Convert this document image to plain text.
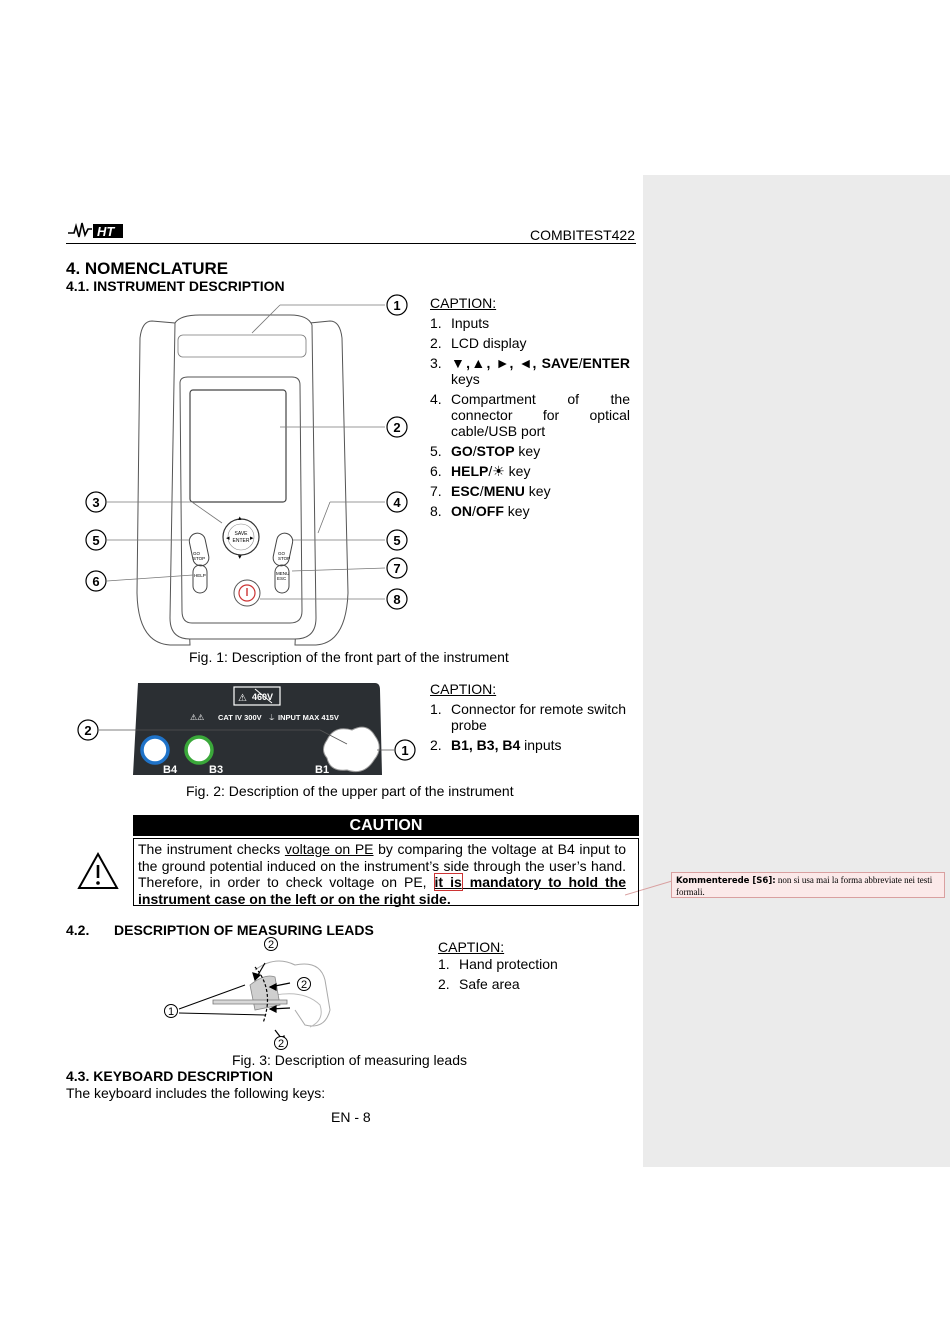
Kommenterede [S6]: non si usa mai la forma abbreviate nei testi formali.
HT	COMBITEST422
4. NOMENCLATURE
4.1. INSTRUMENT DESCRIPTION
SAVE
ENTER
◂	▸
▴
▾
GO
STOP
HELP
GO
STOP
MENU
ESC
1
2
3	4
5	5
6
7
8
CAPTION:
1. Inputs
2. LCD display
3. ▼,▲, ►, ◄, SAVE/ENTER keys
4. Compartment of the connector for optical cable/USB port
5. GO/STOP key
6. HELP/☀ key
7. ESC/MENU key
8. ON/OFF key
Fig. 1: Description of the front part of the instrument
⚠ 460V
⚠⚠ CAT IV 300V ⏚ INPUT MAX 415V
B4	B3	B1
2
1
CAPTION:
1. Connector for remote switch probe
2. B1, B3, B4 inputs
Fig. 2: Description of the upper part of the instrument
CAUTION
The instrument checks voltage on PE by comparing the voltage at B4 input to the ground potential induced on the instrument’s side through the user’s hand. Therefore, in order to check voltage on PE, it is mandatory to hold the instrument case on the left or on the right side.
4.2. DESCRIPTION OF MEASURING LEADS
2
2
1
2
CAPTION:
1. Hand protection
2. Safe area
Fig. 3: Description of measuring leads
4.3. KEYBOARD DESCRIPTION
The keyboard includes the following keys:
EN - 8
